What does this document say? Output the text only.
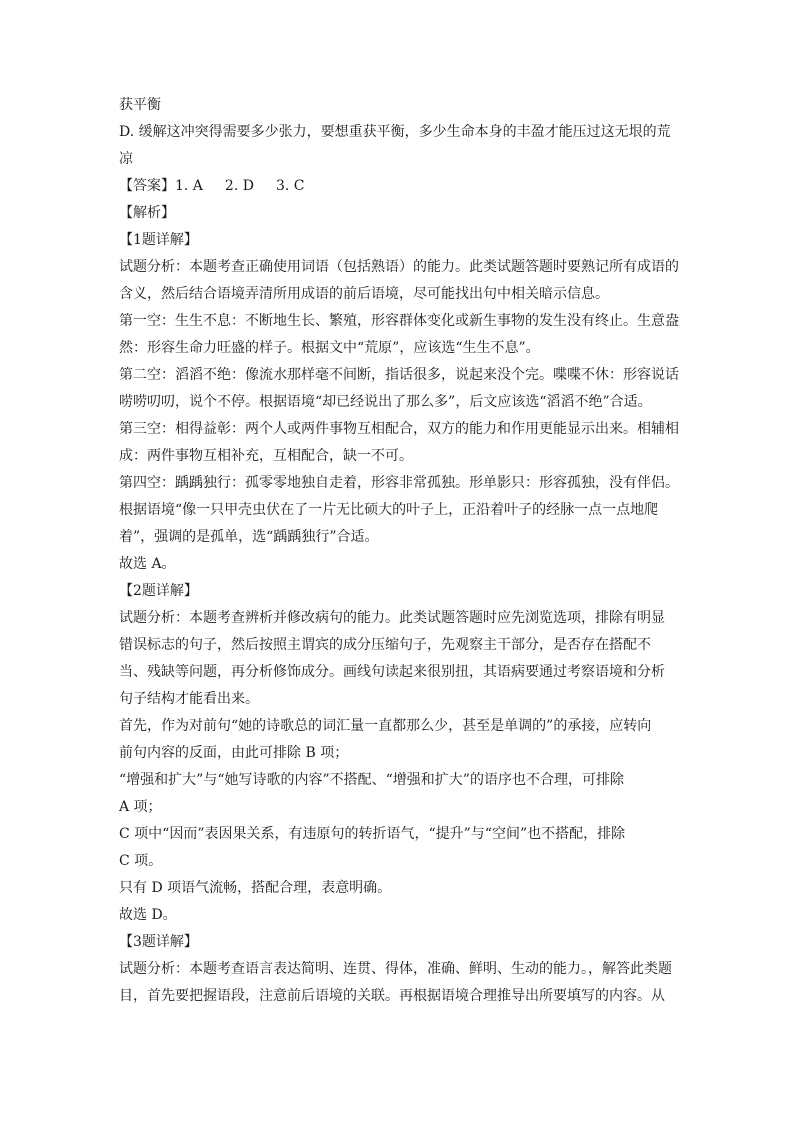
获平衡

D. 缓解这冲突得需要多少张力，要想重获平衡，多少生命本身的丰盈才能压过这无垠的荒

凉

【答案】1. A 2. D 3. C

【解析】

【1题详解】

试题分析：本题考查正确使用词语（包括熟语）的能力。此类试题答题时要熟记所有成语的

含义，然后结合语境弄清所用成语的前后语境，尽可能找出句中相关暗示信息。

第一空：生生不息：不断地生长、繁殖，形容群体变化或新生事物的发生没有终止。生意盎

然：形容生命力旺盛的样子。根据文中“荒原”，应该选“生生不息”。

第二空：滔滔不绝：像流水那样毫不间断，指话很多，说起来没个完。喋喋不休：形容说话

唠唠叨叨，说个不停。根据语境“却已经说出了那么多”，后文应该选“滔滔不绝”合适。

第三空：相得益彰：两个人或两件事物互相配合，双方的能力和作用更能显示出来。相辅相

成：两件事物互相补充，互相配合，缺一不可。

第四空：踽踽独行：孤零零地独自走着，形容非常孤独。形单影只：形容孤独，没有伴侣。

根据语境“像一只甲壳虫伏在了一片无比硕大的叶子上，正沿着叶子的经脉一点一点地爬

着”，强调的是孤单，选“踽踽独行”合适。

故选 A。

【2题详解】

试题分析：本题考查辨析并修改病句的能力。此类试题答题时应先浏览选项，排除有明显

错误标志的句子，然后按照主谓宾的成分压缩句子，先观察主干部分，是否存在搭配不

当、残缺等问题，再分析修饰成分。画线句读起来很别扭，其语病要通过考察语境和分析

句子结构才能看出来。

首先，作为对前句“她的诗歌总的词汇量一直都那么少，甚至是单调的”的承接，应转向

前句内容的反面，由此可排除 B 项；

“增强和扩大”与“她写诗歌的内容”不搭配、“增强和扩大”的语序也不合理，可排除

A 项；

C 项中“因而”表因果关系，有违原句的转折语气，“提升”与“空间”也不搭配，排除

C 项。

只有 D 项语气流畅，搭配合理，表意明确。

故选 D。

【3题详解】

试题分析：本题考查语言表达简明、连贯、得体，准确、鲜明、生动的能力。，解答此类题

目，首先要把握语段，注意前后语境的关联。再根据语境合理推导出所要填写的内容。从
